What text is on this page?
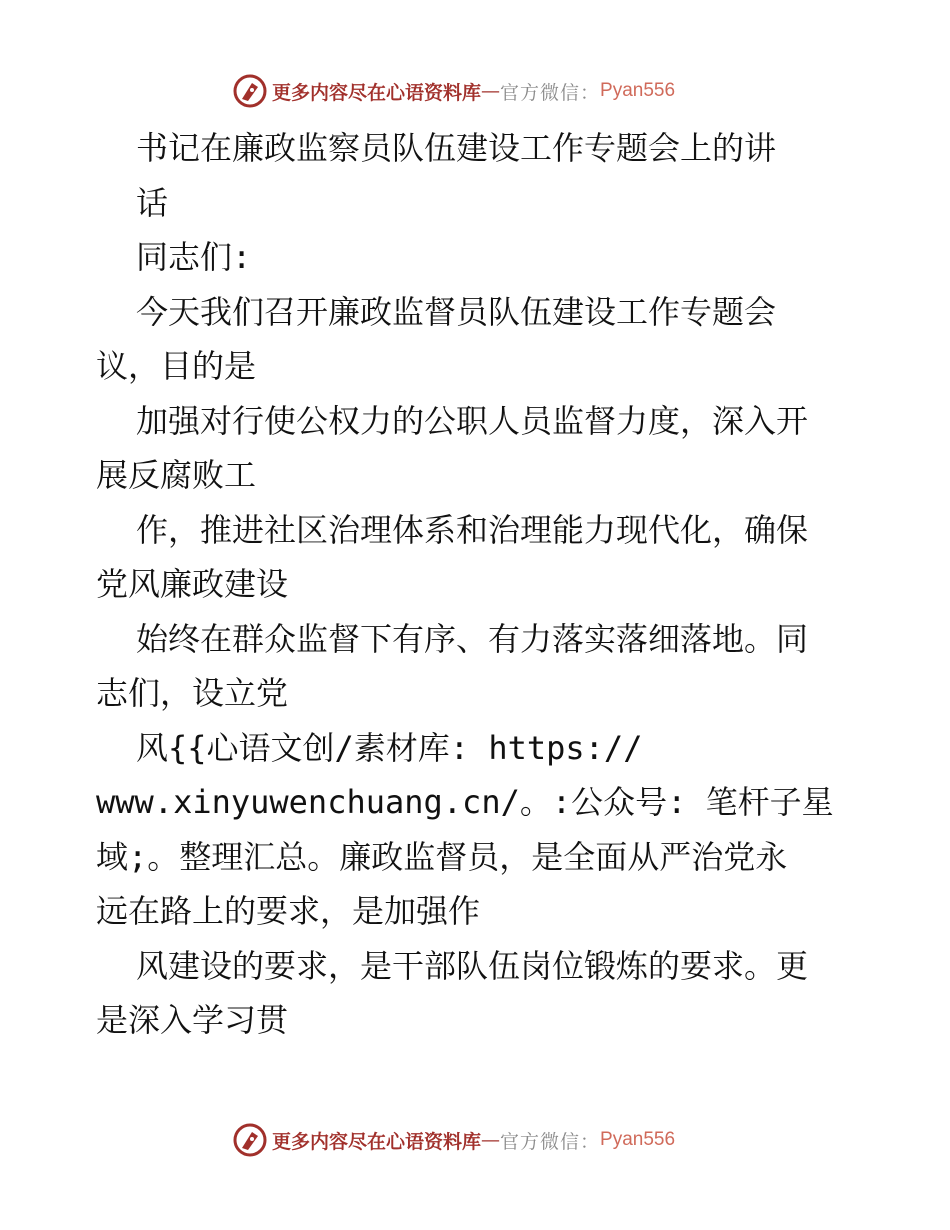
更多内容尽在心语资料库 — 官方微信： Pyan556
书记在廉政监察员队伍建设工作专题会上的讲
话
同志们:
今天我们召开廉政监督员队伍建设工作专题会
议，目的是
加强对行使公权力的公职人员监督力度，深入开
展反腐败工
作，推进社区治理体系和治理能力现代化，确保
党风廉政建设
始终在群众监督下有序、有力落实落细落地。同
志们，设立党
风{{心语文创/素材库: https://
www.xinyuwenchuang.cn/。:公众号: 笔杆子星
域;。整理汇总。廉政监督员，是全面从严治党永
远在路上的要求，是加强作
风建设的要求，是干部队伍岗位锻炼的要求。更
是深入学习贯
更多内容尽在心语资料库 — 官方微信： Pyan556
